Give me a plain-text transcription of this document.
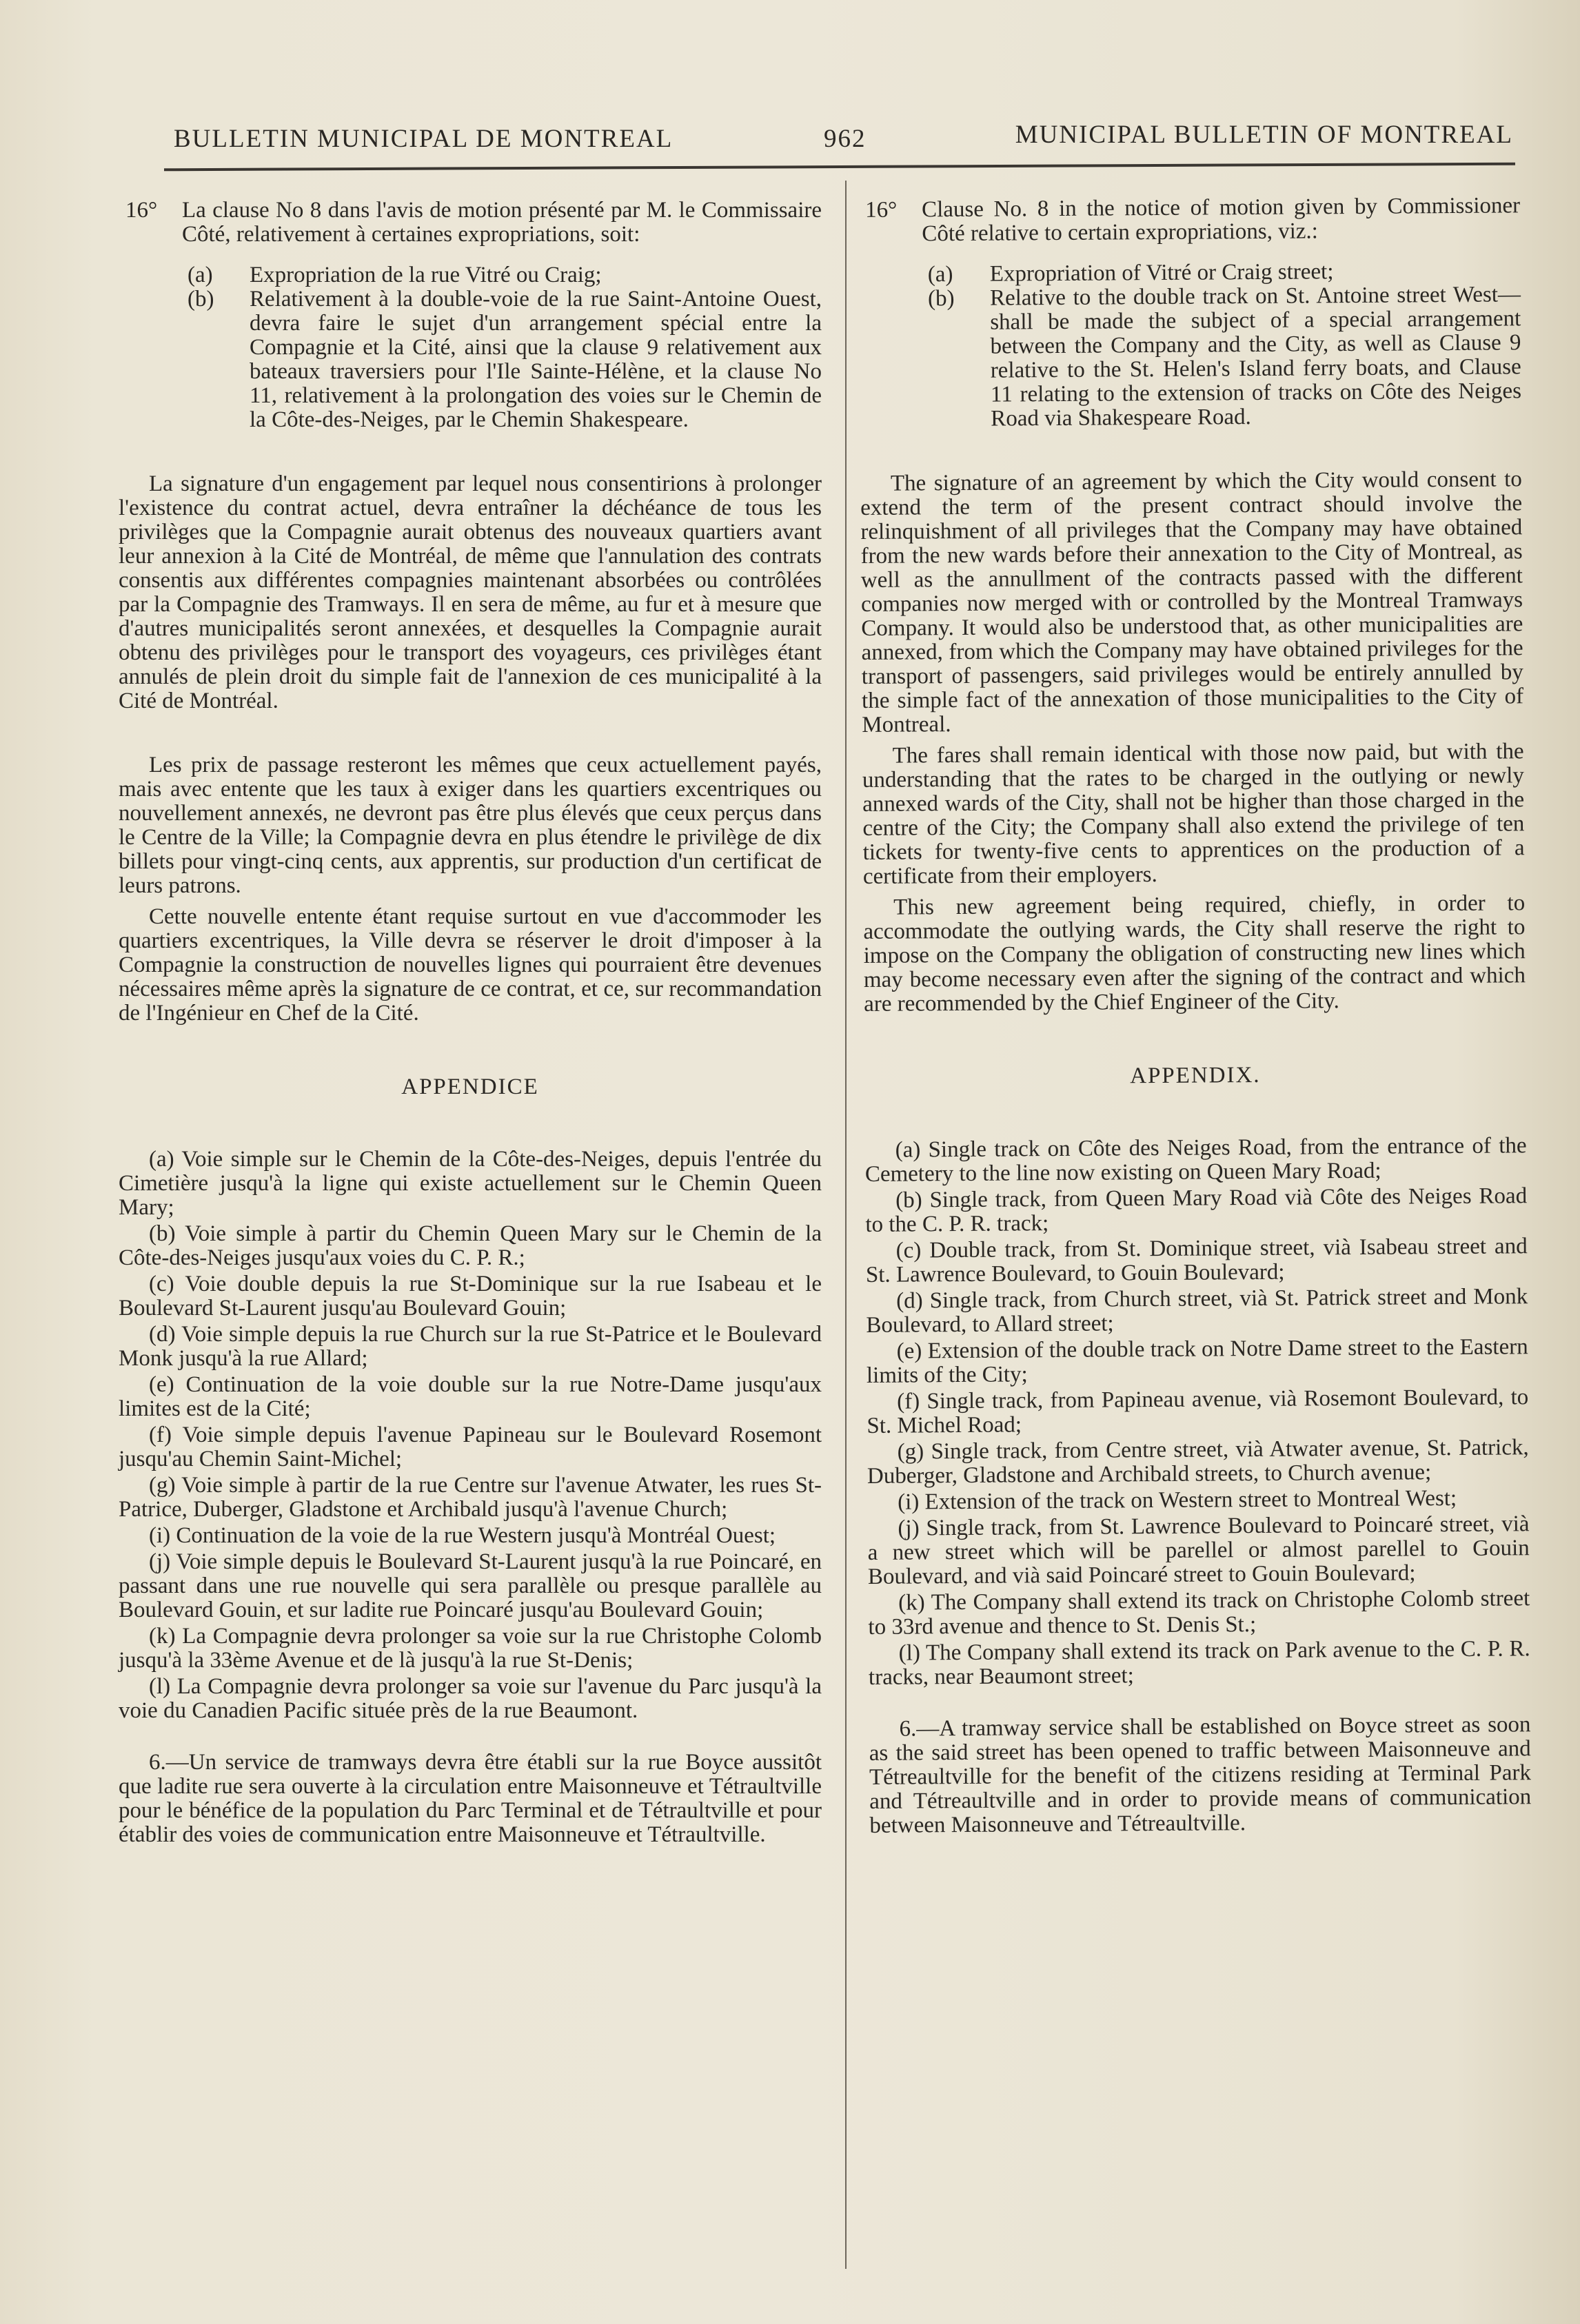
BULLETIN MUNICIPAL DE MONTREAL	962	MUNICIPAL BULLETIN OF MONTREAL
16° La clause No 8 dans l'avis de motion présenté par M. le Commissaire Côté, relativement à certaines expropriations, soit:

(a) Expropriation de la rue Vitré ou Craig;

(b) Relativement à la double-voie de la rue Saint-Antoine Ouest, devra faire le sujet d'un arrangement spécial entre la Compagnie et la Cité, ainsi que la clause 9 relativement aux bateaux traversiers pour l'Ile Sainte-Hélène, et la clause No 11, relativement à la prolongation des voies sur le Chemin de la Côte-des-Neiges, par le Chemin Shakespeare.

La signature d'un engagement par lequel nous consentirions à prolonger l'existence du contrat actuel, devra entraîner la déchéance de tous les privilèges que la Compagnie aurait obtenus des nouveaux quartiers avant leur annexion à la Cité de Montréal, de même que l'annulation des contrats consentis aux différentes compagnies maintenant absorbées ou contrôlées par la Compagnie des Tramways. Il en sera de même, au fur et à mesure que d'autres municipalités seront annexées, et desquelles la Compagnie aurait obtenu des privilèges pour le transport des voyageurs, ces privilèges étant annulés de plein droit du simple fait de l'annexion de ces municipalité à la Cité de Montréal.

Les prix de passage resteront les mêmes que ceux actuellement payés, mais avec entente que les taux à exiger dans les quartiers excentriques ou nouvellement annexés, ne devront pas être plus élevés que ceux perçus dans le Centre de la Ville; la Compagnie devra en plus étendre le privilège de dix billets pour vingt-cinq cents, aux apprentis, sur production d'un certificat de leurs patrons.

Cette nouvelle entente étant requise surtout en vue d'accommoder les quartiers excentriques, la Ville devra se réserver le droit d'imposer à la Compagnie la construction de nouvelles lignes qui pourraient être devenues nécessaires même après la signature de ce contrat, et ce, sur recommandation de l'Ingénieur en Chef de la Cité.

APPENDICE

(a) Voie simple sur le Chemin de la Côte-des-Neiges, depuis l'entrée du Cimetière jusqu'à la ligne qui existe actuellement sur le Chemin Queen Mary;

(b) Voie simple à partir du Chemin Queen Mary sur le Chemin de la Côte-des-Neiges jusqu'aux voies du C. P. R.;

(c) Voie double depuis la rue St-Dominique sur la rue Isabeau et le Boulevard St-Laurent jusqu'au Boulevard Gouin;

(d) Voie simple depuis la rue Church sur la rue St-Patrice et le Boulevard Monk jusqu'à la rue Allard;

(e) Continuation de la voie double sur la rue Notre-Dame jusqu'aux limites est de la Cité;

(f) Voie simple depuis l'avenue Papineau sur le Boulevard Rosemont jusqu'au Chemin Saint-Michel;

(g) Voie simple à partir de la rue Centre sur l'avenue Atwater, les rues St-Patrice, Duberger, Gladstone et Archibald jusqu'à l'avenue Church;

(i) Continuation de la voie de la rue Western jusqu'à Montréal Ouest;

(j) Voie simple depuis le Boulevard St-Laurent jusqu'à la rue Poincaré, en passant dans une rue nouvelle qui sera parallèle ou presque parallèle au Boulevard Gouin, et sur ladite rue Poincaré jusqu'au Boulevard Gouin;

(k) La Compagnie devra prolonger sa voie sur la rue Christophe Colomb jusqu'à la 33ème Avenue et de là jusqu'à la rue St-Denis;

(l) La Compagnie devra prolonger sa voie sur l'avenue du Parc jusqu'à la voie du Canadien Pacific située près de la rue Beaumont.

6.—Un service de tramways devra être établi sur la rue Boyce aussitôt que ladite rue sera ouverte à la circulation entre Maisonneuve et Tétraultville pour le bénéfice de la population du Parc Terminal et de Tétraultville et pour établir des voies de communication entre Maisonneuve et Tétraultville.

16° Clause No. 8 in the notice of motion given by Commissioner Côté relative to certain expropriations, viz.:

(a) Expropriation of Vitré or Craig street;

(b) Relative to the double track on St. Antoine street West—shall be made the subject of a special arrangement between the Company and the City, as well as Clause 9 relative to the St. Helen's Island ferry boats, and Clause 11 relating to the extension of tracks on Côte des Neiges Road via Shakespeare Road.

The signature of an agreement by which the City would consent to extend the term of the present contract should involve the relinquishment of all privileges that the Company may have obtained from the new wards before their annexation to the City of Montreal, as well as the annullment of the contracts passed with the different companies now merged with or controlled by the Montreal Tramways Company. It would also be understood that, as other municipalities are annexed, from which the Company may have obtained privileges for the transport of passengers, said privileges would be entirely annulled by the simple fact of the annexation of those municipalities to the City of Montreal.

The fares shall remain identical with those now paid, but with the understanding that the rates to be charged in the outlying or newly annexed wards of the City, shall not be higher than those charged in the centre of the City; the Company shall also extend the privilege of ten tickets for twenty-five cents to apprentices on the production of a certificate from their employers.

This new agreement being required, chiefly, in order to accommodate the outlying wards, the City shall reserve the right to impose on the Company the obligation of constructing new lines which may become necessary even after the signing of the contract and which are recommended by the Chief Engineer of the City.

APPENDIX.

(a) Single track on Côte des Neiges Road, from the entrance of the Cemetery to the line now existing on Queen Mary Road;

(b) Single track, from Queen Mary Road vià Côte des Neiges Road to the C. P. R. track;

(c) Double track, from St. Dominique street, vià Isabeau street and St. Lawrence Boulevard, to Gouin Boulevard;

(d) Single track, from Church street, vià St. Patrick street and Monk Boulevard, to Allard street;

(e) Extension of the double track on Notre Dame street to the Eastern limits of the City;

(f) Single track, from Papineau avenue, vià Rosemont Boulevard, to St. Michel Road;

(g) Single track, from Centre street, vià Atwater avenue, St. Patrick, Duberger, Gladstone and Archibald streets, to Church avenue;

(i) Extension of the track on Western street to Montreal West;

(j) Single track, from St. Lawrence Boulevard to Poincaré street, vià a new street which will be parellel or almost parellel to Gouin Boulevard, and vià said Poincaré street to Gouin Boulevard;

(k) The Company shall extend its track on Christophe Colomb street to 33rd avenue and thence to St. Denis St.;

(l) The Company shall extend its track on Park avenue to the C. P. R. tracks, near Beaumont street;

6.—A tramway service shall be established on Boyce street as soon as the said street has been opened to traffic between Maisonneuve and Tétreaultville for the benefit of the citizens residing at Terminal Park and Tétreaultville and in order to provide means of communication between Maisonneuve and Tétreaultville.
